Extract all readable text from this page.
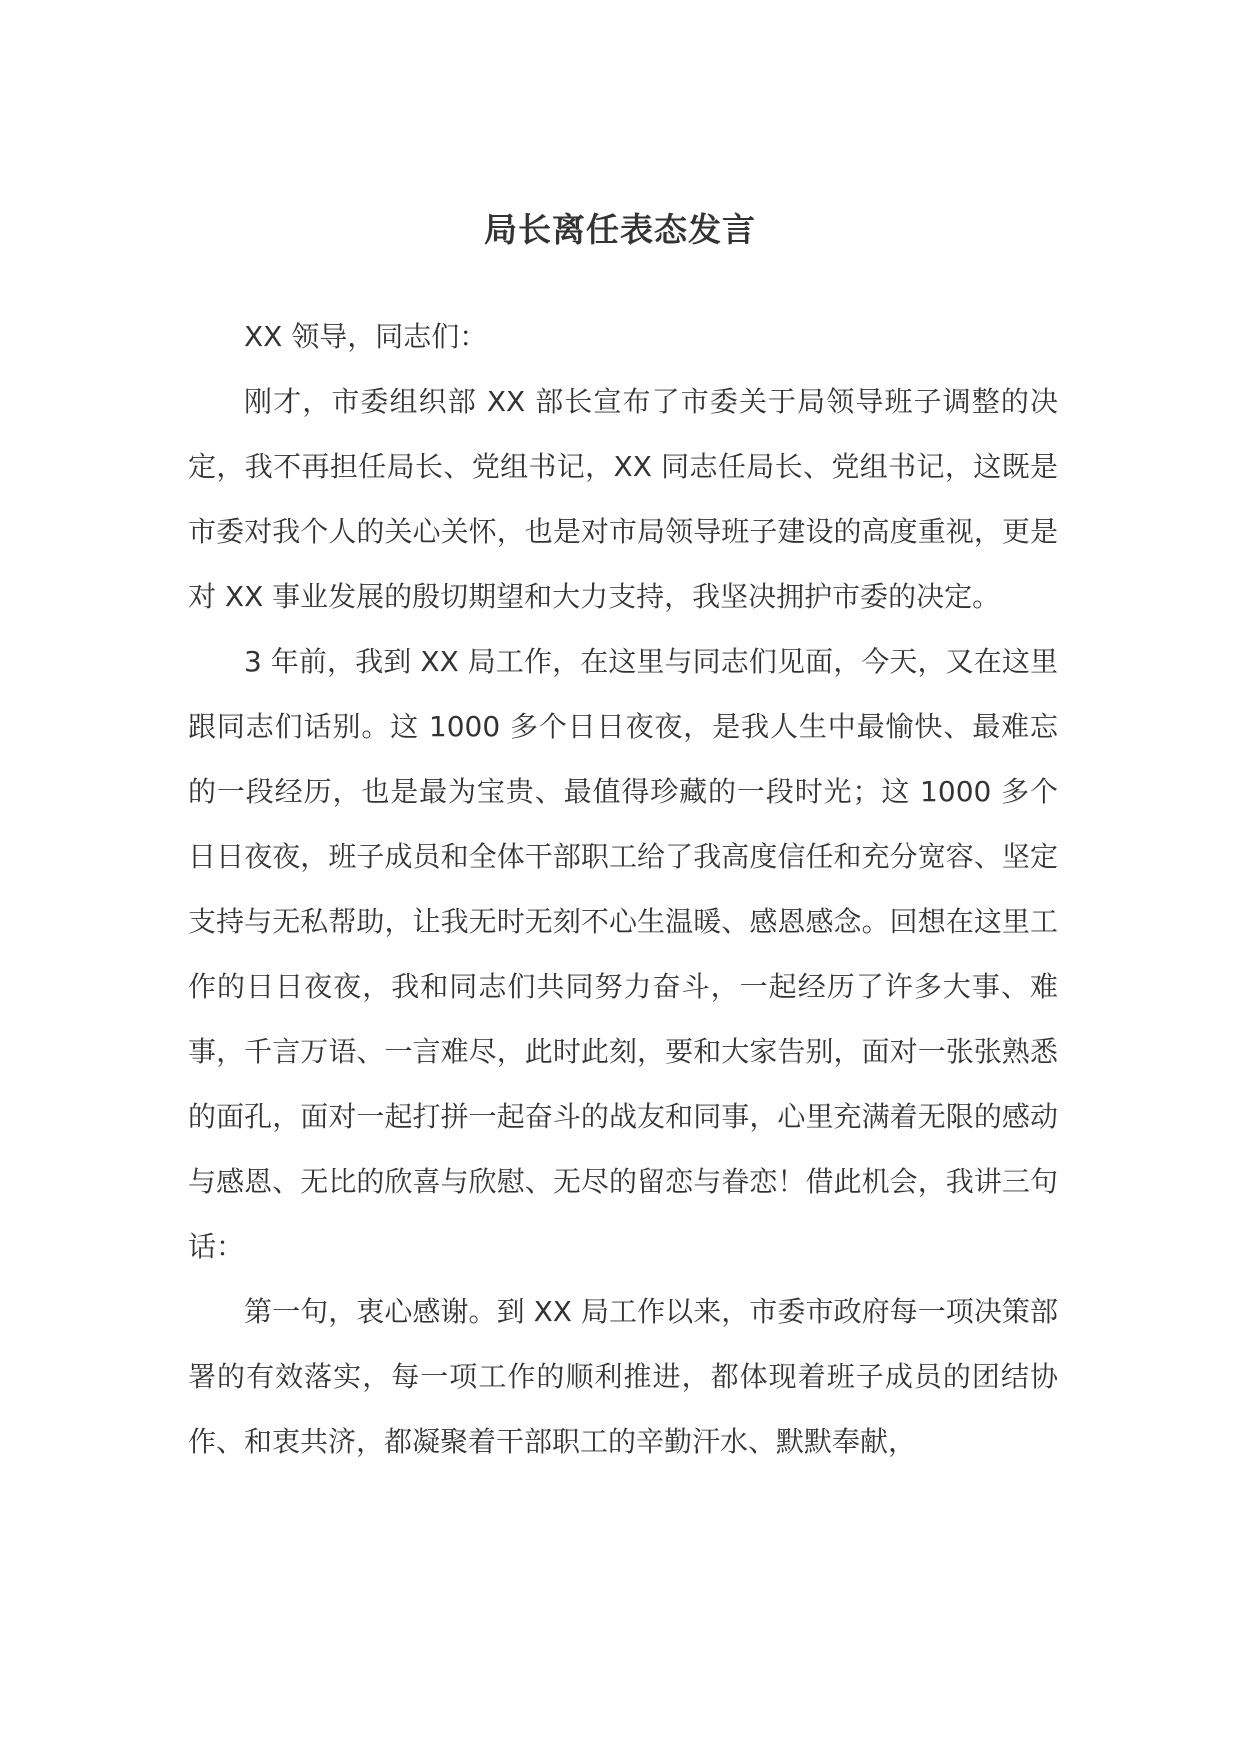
局长离任表态发言

XX 领导，同志们：

刚才，市委组织部 XX 部长宣布了市委关于局领导班子调整的决定，我不再担任局长、党组书记，XX 同志任局长、党组书记，这既是市委对我个人的关心关怀，也是对市局领导班子建设的高度重视，更是对 XX 事业发展的殷切期望和大力支持，我坚决拥护市委的决定。

3 年前，我到 XX 局工作，在这里与同志们见面，今天，又在这里跟同志们话别。这 1000 多个日日夜夜，是我人生中最愉快、最难忘的一段经历，也是最为宝贵、最值得珍藏的一段时光；这 1000 多个日日夜夜，班子成员和全体干部职工给了我高度信任和充分宽容、坚定支持与无私帮助，让我无时无刻不心生温暖、感恩感念。回想在这里工作的日日夜夜，我和同志们共同努力奋斗，一起经历了许多大事、难事，千言万语、一言难尽，此时此刻，要和大家告别，面对一张张熟悉的面孔，面对一起打拼一起奋斗的战友和同事，心里充满着无限的感动与感恩、无比的欣喜与欣慰、无尽的留恋与眷恋！借此机会，我讲三句话：

第一句，衷心感谢。到 XX 局工作以来，市委市政府每一项决策部署的有效落实，每一项工作的顺利推进，都体现着班子成员的团结协作、和衷共济，都凝聚着干部职工的辛勤汗水、默默奉献，
